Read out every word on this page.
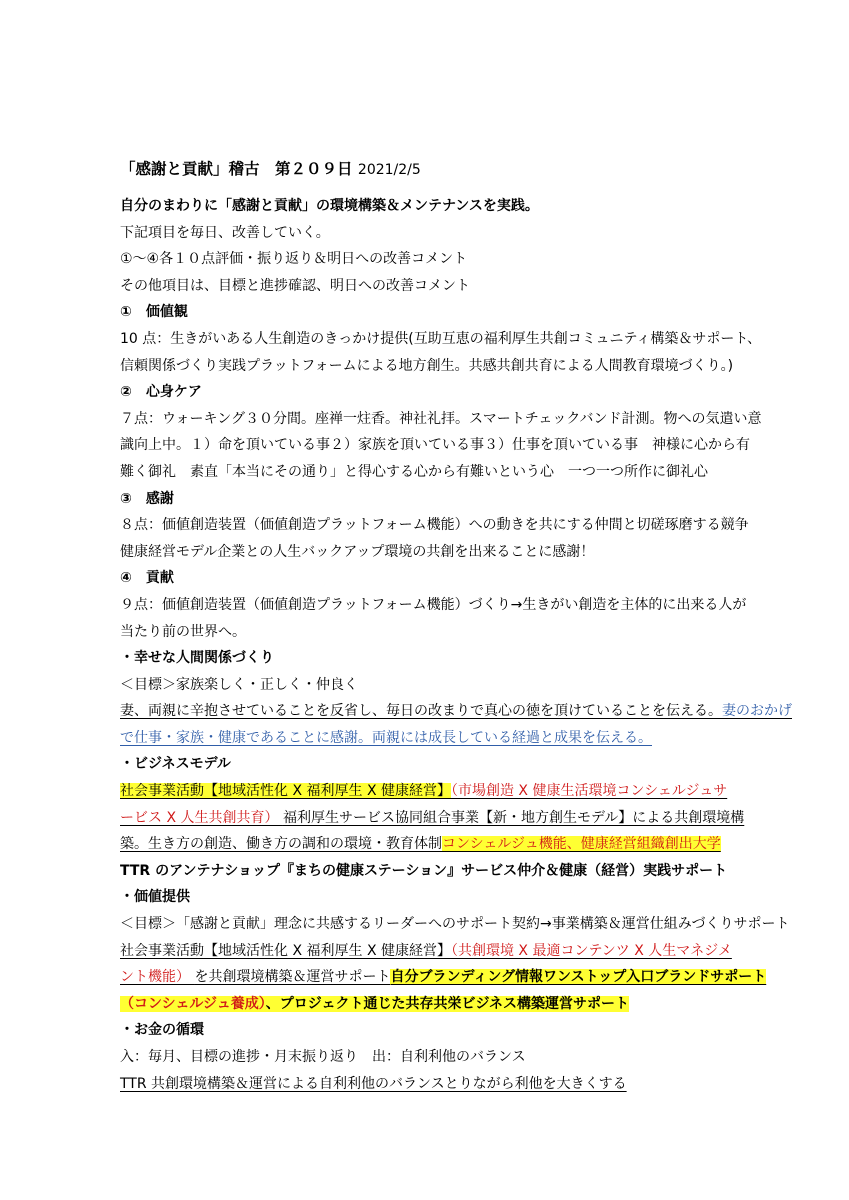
「感謝と貢献」稽古　第２０９日 2021/2/5
自分のまわりに「感謝と貢献」の環境構築＆メンテナンスを実践。
下記項目を毎日、改善していく。
①～④各１０点評価・振り返り＆明日への改善コメント
その他項目は、目標と進捗確認、明日への改善コメント
①　価値観
10 点：生きがいある人生創造のきっかけ提供(互助互恵の福利厚生共創コミュニティ構築＆サポート、
信頼関係づくり実践プラットフォームによる地方創生。共感共創共育による人間教育環境づくり。)
②　心身ケア
７点：ウォーキング３０分間。座禅一炷香。神社礼拝。スマートチェックバンド計測。物への気遣い意
識向上中。１）命を頂いている事２）家族を頂いている事３）仕事を頂いている事　神様に心から有
難く御礼　素直「本当にその通り」と得心する心から有難いという心　一つ一つ所作に御礼心
③　感謝
８点：価値創造装置（価値創造プラットフォーム機能）への動きを共にする仲間と切磋琢磨する競争
健康経営モデル企業との人生バックアップ環境の共創を出来ることに感謝！
④　貢献
９点：価値創造装置（価値創造プラットフォーム機能）づくり→生きがい創造を主体的に出来る人が
当たり前の世界へ。
・幸せな人間関係づくり
＜目標＞家族楽しく・正しく・仲良く
妻、両親に辛抱させていることを反省し、毎日の改まりで真心の徳を頂けていることを伝える。妻のおかげ
で仕事・家族・健康であることに感謝。両親には成長している経過と成果を伝える。
・ビジネスモデル
社会事業活動【地域活性化 X 福利厚生 X 健康経営】（市場創造 X 健康生活環境コンシェルジュサ
ービス X 人生共創共育） 福利厚生サービス協同組合事業【新・地方創生モデル】による共創環境構
築。生き方の創造、働き方の調和の環境・教育体制コンシェルジュ機能、健康経営組織創出大学
TTR のアンテナショップ『まちの健康ステーション』サービス仲介＆健康（経営）実践サポート
・価値提供
＜目標＞「感謝と貢献」理念に共感するリーダーへのサポート契約→事業構築＆運営仕組みづくりサポート
社会事業活動【地域活性化 X 福利厚生 X 健康経営】（共創環境 X 最適コンテンツ X 人生マネジメ
ント機能） を共創環境構築＆運営サポート自分ブランディング情報ワンストップ入口ブランドサポート
（コンシェルジュ養成）、プロジェクト通じた共存共栄ビジネス構築運営サポート
・お金の循環
入：毎月、目標の進捗・月末振り返り　出：自利利他のバランス
TTR 共創環境構築＆運営による自利利他のバランスとりながら利他を大きくする
